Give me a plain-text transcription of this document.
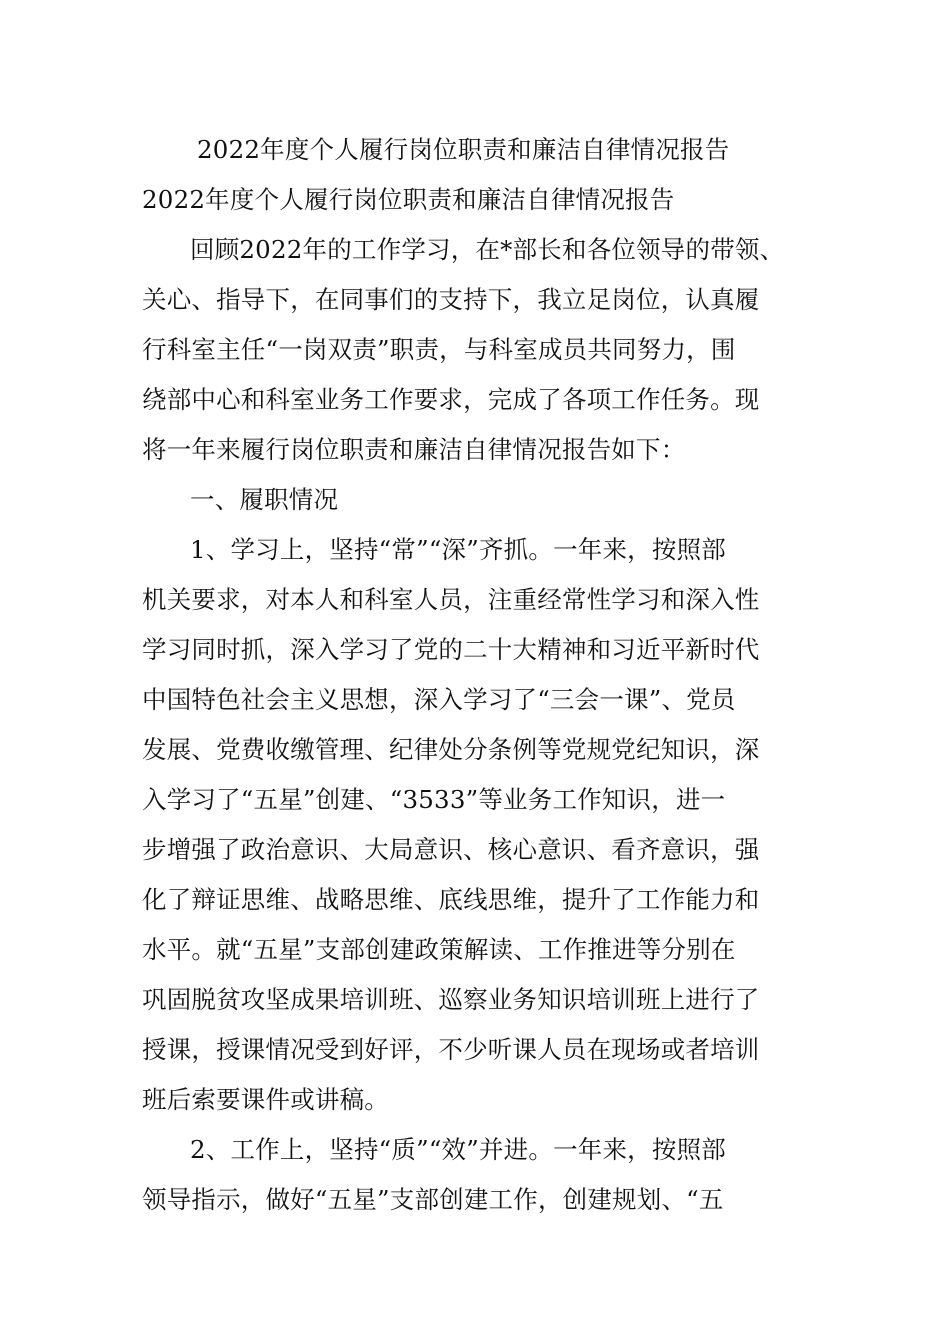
2022年度个人履行岗位职责和廉洁自律情况报告
2022年度个人履行岗位职责和廉洁自律情况报告
回顾2022年的工作学习，在*部长和各位领导的带领、
关心、指导下，在同事们的支持下，我立足岗位，认真履
行科室主任“一岗双责”职责，与科室成员共同努力，围
绕部中心和科室业务工作要求，完成了各项工作任务。现
将一年来履行岗位职责和廉洁自律情况报告如下：
一、履职情况
1、学习上，坚持“常”“深”齐抓。一年来，按照部
机关要求，对本人和科室人员，注重经常性学习和深入性
学习同时抓，深入学习了党的二十大精神和习近平新时代
中国特色社会主义思想，深入学习了“三会一课”、党员
发展、党费收缴管理、纪律处分条例等党规党纪知识，深
入学习了“五星”创建、“3533”等业务工作知识，进一
步增强了政治意识、大局意识、核心意识、看齐意识，强
化了辩证思维、战略思维、底线思维，提升了工作能力和
水平。就“五星”支部创建政策解读、工作推进等分别在
巩固脱贫攻坚成果培训班、巡察业务知识培训班上进行了
授课，授课情况受到好评，不少听课人员在现场或者培训
班后索要课件或讲稿。
2、工作上，坚持“质”“效”并进。一年来，按照部
领导指示，做好“五星”支部创建工作，创建规划、“五
